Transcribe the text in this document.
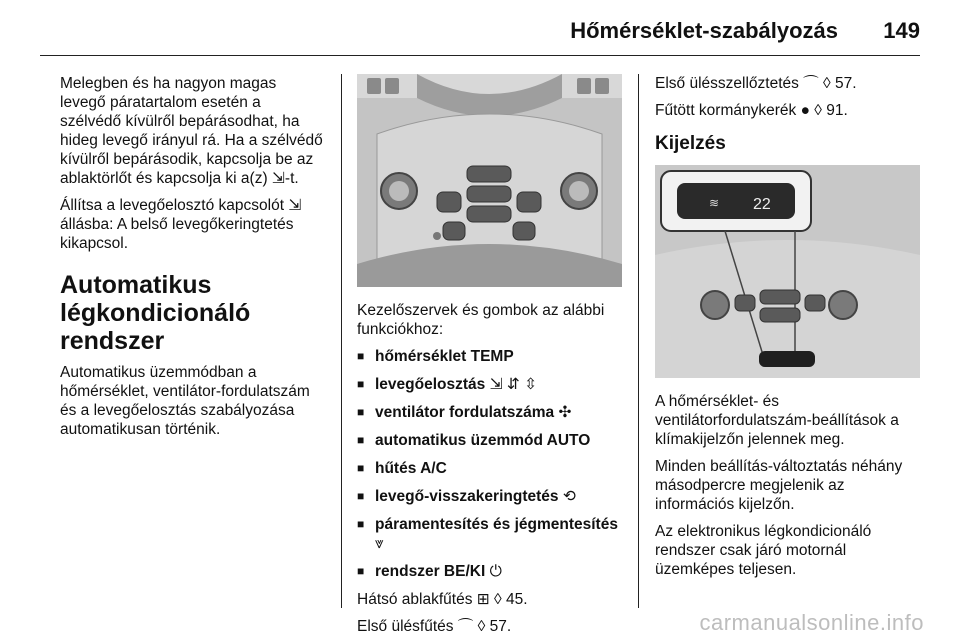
Hőmérséklet-szabályozás 149

Melegben és ha nagyon magas levegő páratartalom esetén a szélvédő kívülről bepárásodhat, ha hideg levegő irányul rá. Ha a szélvédő kívülről bepárásodik, kapcsolja be az ablaktörlőt és kapcsolja ki a(z) ⇲-t.

Állítsa a levegőelosztó kapcsolót ⇲ állásba: A belső levegőkeringtetés kikapcsol.

Automatikus légkondicionáló rendszer

Automatikus üzemmódban a hőmérséklet, ventilátor-fordulatszám és a levegőelosztás szabályozása automatikusan történik.

Kezelőszervek és gombok az alábbi funkciókhoz:

■ hőmérséklet TEMP
■ levegőelosztás ⇲ ⇵ ⇳
■ ventilátor fordulatszáma ✣
■ automatikus üzemmód AUTO
■ hűtés A/C
■ levegő-visszakeringtetés ⟲
■ páramentesítés és jégmentesítés
⩔
■ rendszer BE/KI ⏻

Hátsó ablakfűtés ⊞ ◊ 45.

Első ülésfűtés ⌒ ◊ 57.

Első ülésszellőztetés ⌒ ◊ 57.

Fűtött kormánykerék ● ◊ 91.

Kijelzés
≋ 22

A hőmérséklet- és ventilátorfordulatszám-beállítások a klímakijelzőn jelennek meg.

Minden beállítás-változtatás néhány másodpercre megjelenik az információs kijelzőn.

Az elektronikus légkondicionáló rendszer csak járó motornál üzemképes teljesen.

carmanualsonline.info
